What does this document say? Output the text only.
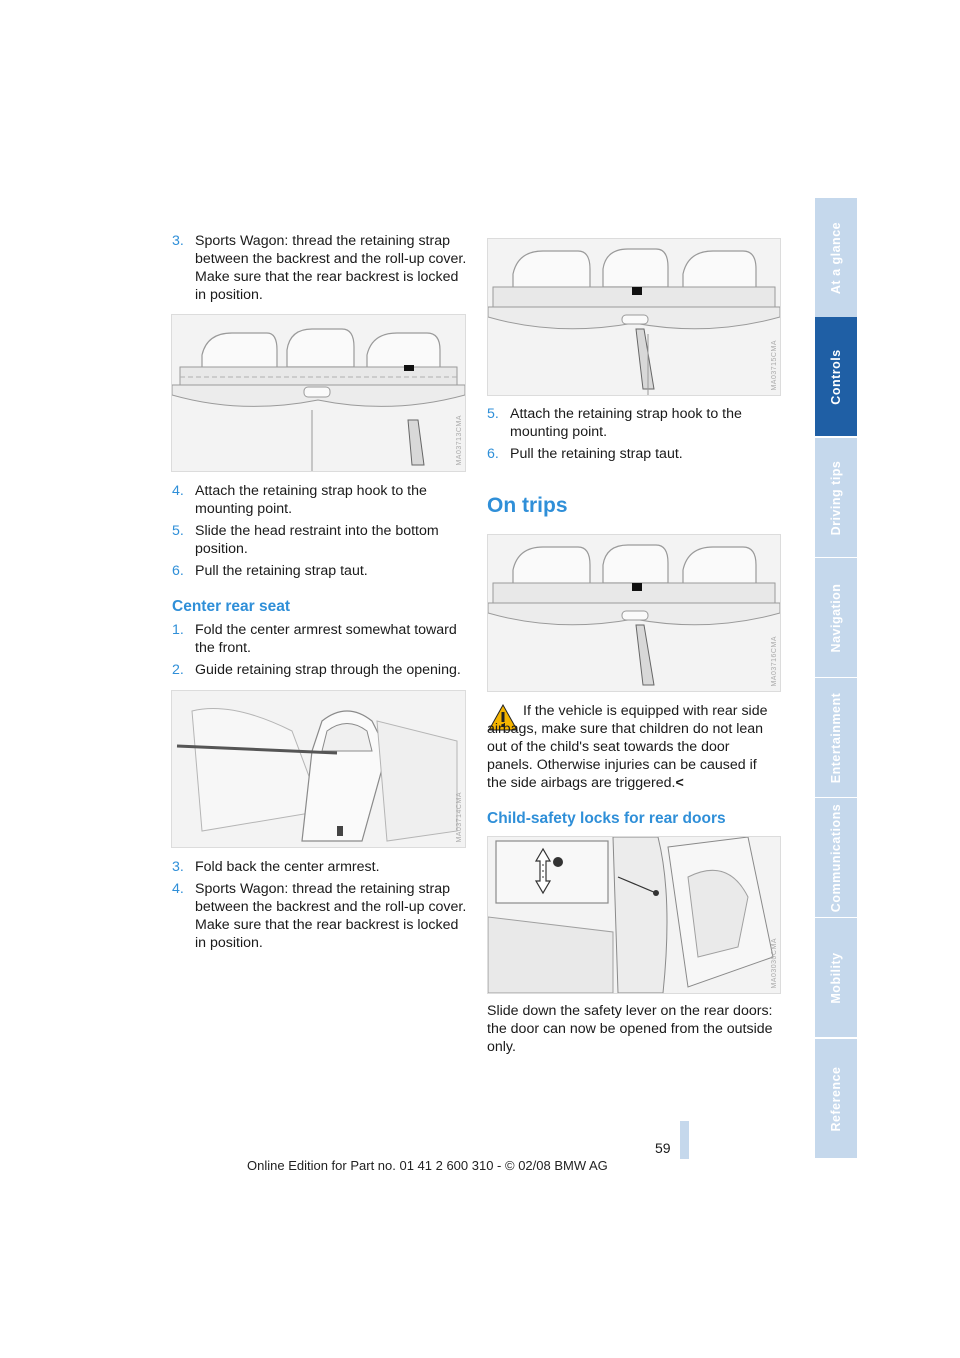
3. Sports Wagon: thread the retaining strap between the backrest and the roll-up cover. Make sure that the rear backrest is locked in position.
MA03713CMA
4. Attach the retaining strap hook to the mounting point.
5. Slide the head restraint into the bottom position.
6. Pull the retaining strap taut.
Center rear seat
1. Fold the center armrest somewhat toward the front.
2. Guide retaining strap through the opening.
MA03714CMA
3. Fold back the center armrest.
4. Sports Wagon: thread the retaining strap between the backrest and the roll-up cover. Make sure that the rear backrest is locked in position.
MA03715CMA
5. Attach the retaining strap hook to the mounting point.
6. Pull the retaining strap taut.
On trips
MA03716CMA
If the vehicle is equipped with rear side airbags, make sure that children do not lean out of the child's seat towards the door panels. Otherwise injuries can be caused if the side airbags are triggered.<
Child-safety locks for rear doors
MA03030CMA
Slide down the safety lever on the rear doors: the door can now be opened from the outside only.
At a glance
Controls
Driving tips
Navigation
Entertainment
Communications
Mobility
Reference
59
Online Edition for Part no. 01 41 2 600 310 - © 02/08 BMW AG
